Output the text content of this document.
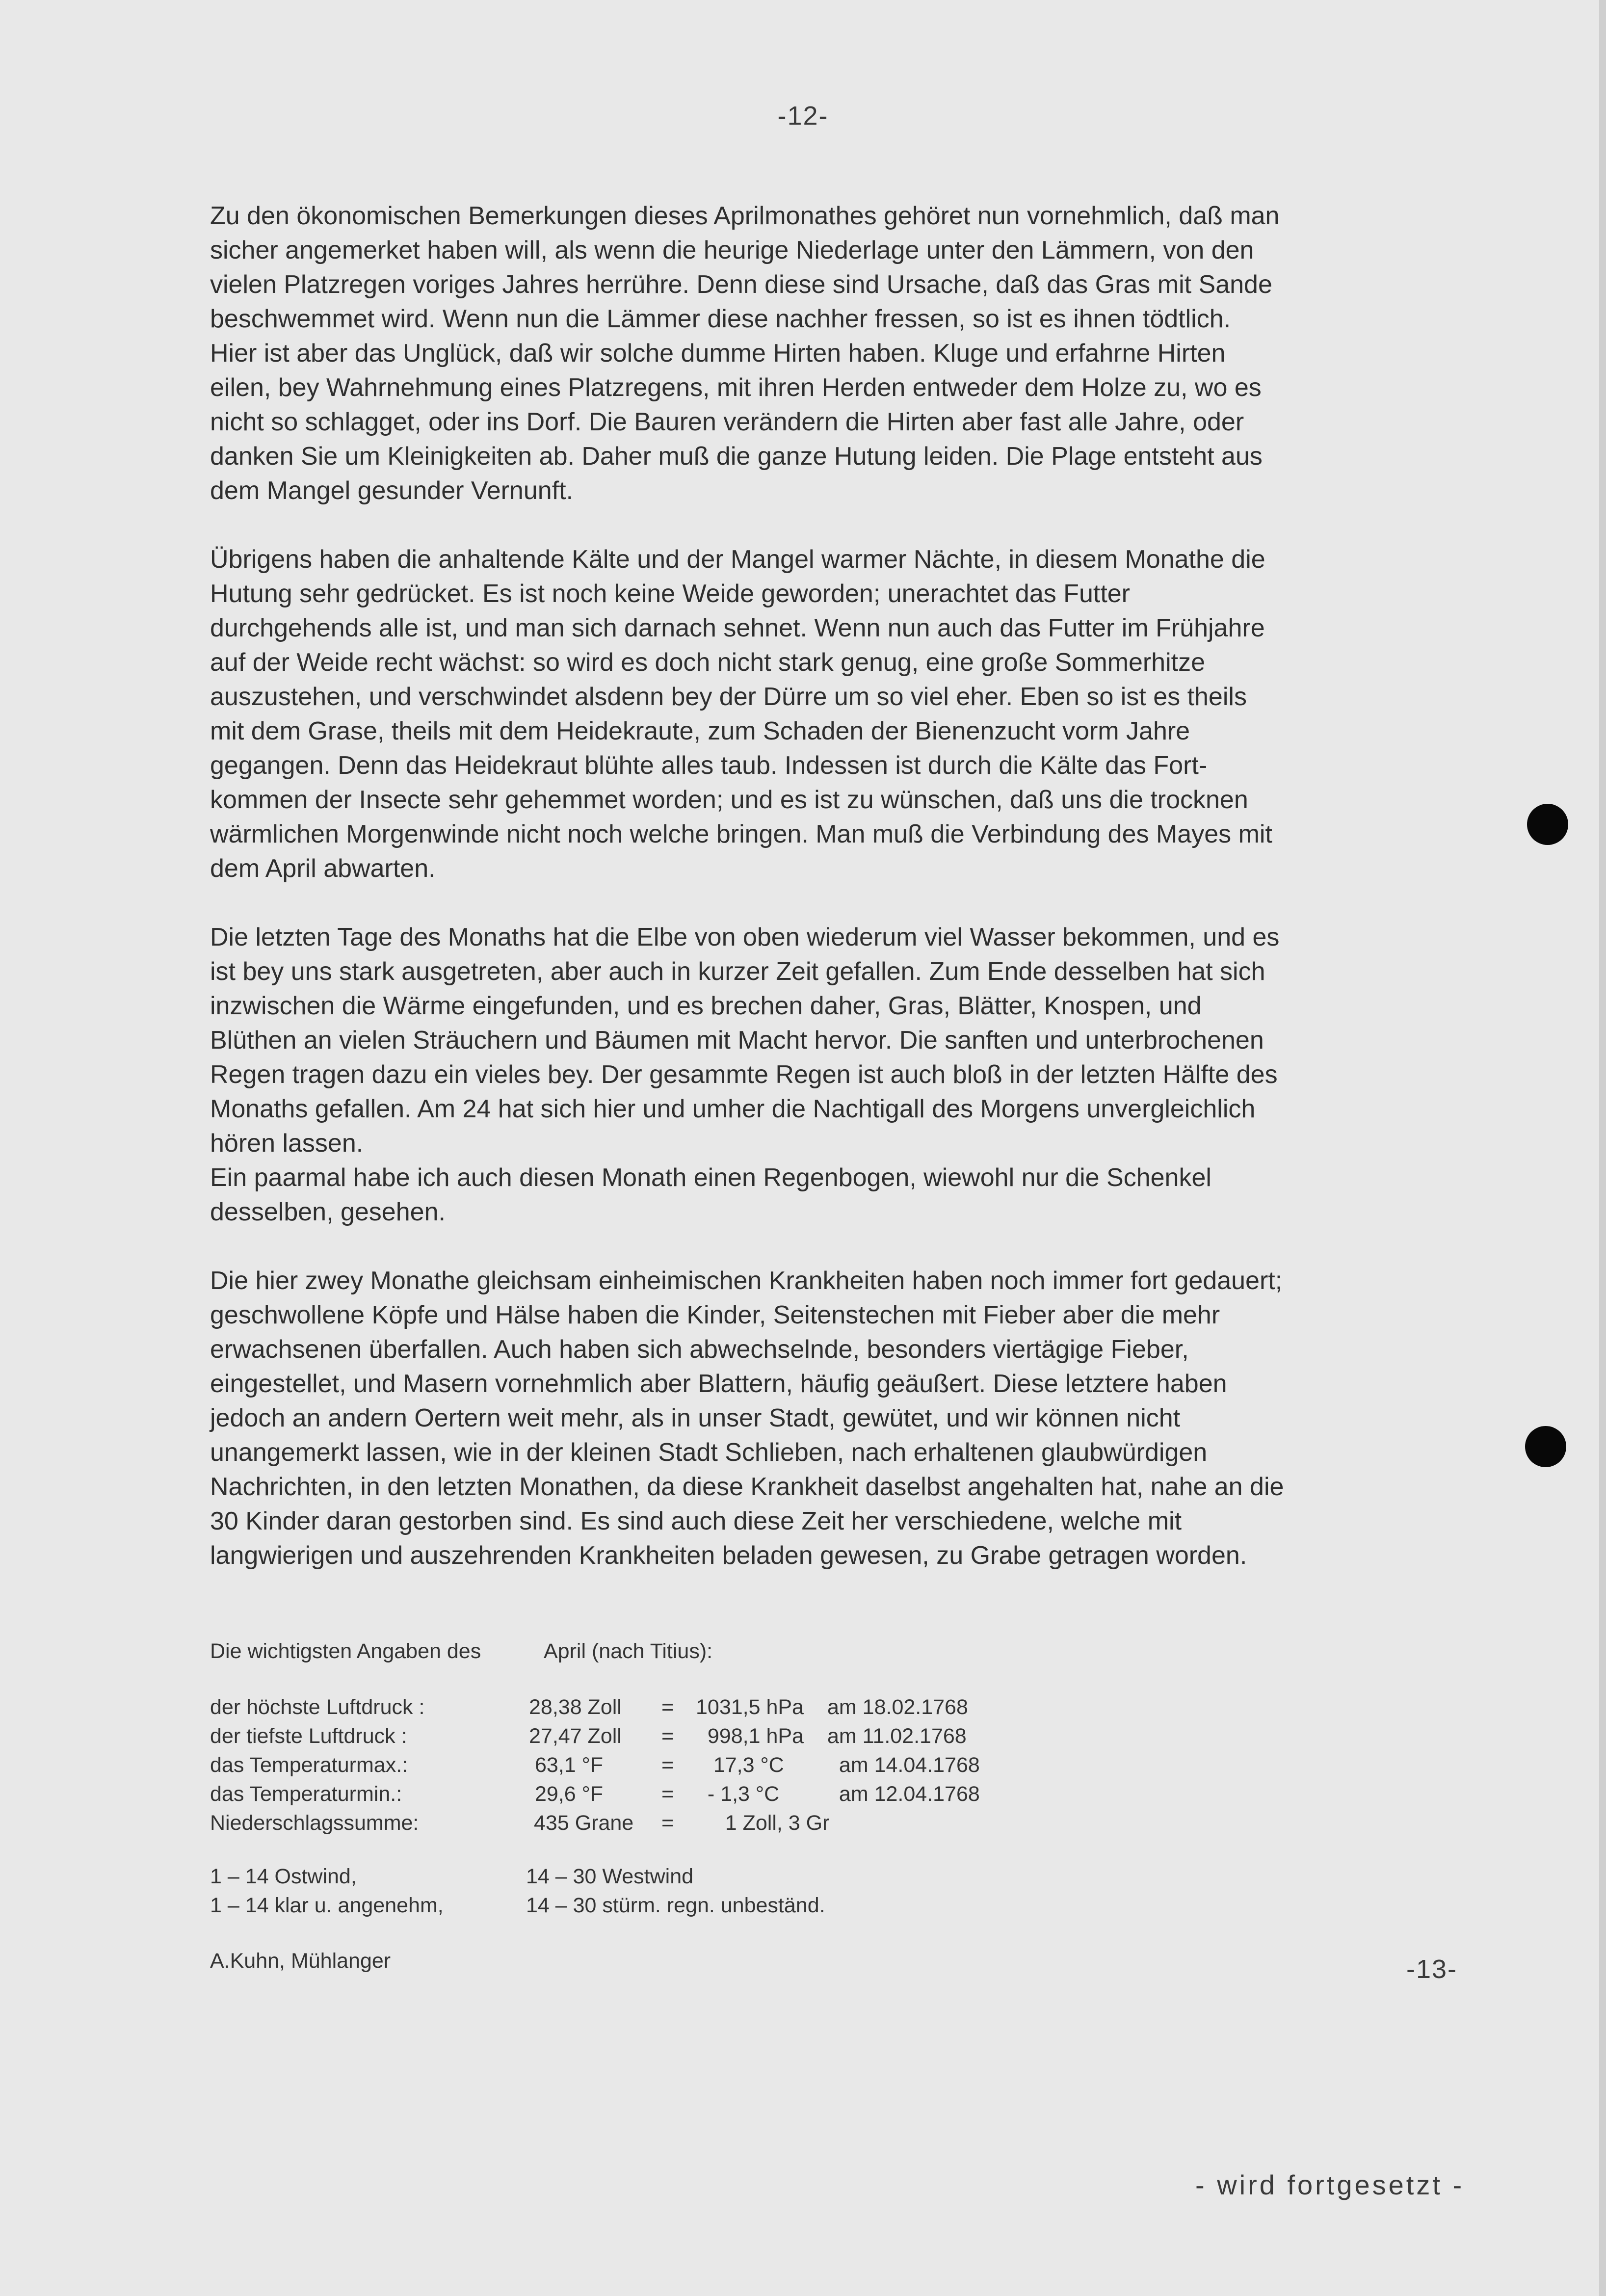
-12-

Zu den ökonomischen Bemerkungen dieses Aprilmonathes gehöret nun vornehmlich, daß man
sicher angemerket haben will, als wenn die heurige Niederlage unter den Lämmern, von den
vielen Platzregen voriges Jahres herrühre. Denn diese sind Ursache, daß das Gras mit Sande
beschwemmet wird. Wenn nun die Lämmer diese nachher fressen, so ist es ihnen tödtlich.
Hier ist aber das Unglück, daß wir solche dumme Hirten haben. Kluge und erfahrne Hirten
eilen, bey Wahrnehmung eines Platzregens, mit ihren Herden entweder dem Holze zu, wo es
nicht so schlagget, oder ins Dorf. Die Bauren verändern die Hirten aber fast alle Jahre, oder
danken Sie um Kleinigkeiten ab. Daher muß die ganze Hutung leiden. Die Plage entsteht aus
dem Mangel gesunder Vernunft.

Übrigens haben die anhaltende Kälte und der Mangel warmer Nächte, in diesem Monathe die
Hutung sehr gedrücket. Es ist noch keine Weide geworden; unerachtet das Futter
durchgehends alle ist, und man sich darnach sehnet. Wenn nun auch das Futter im Frühjahre
auf der Weide recht wächst: so wird es doch nicht stark genug, eine große Sommerhitze
auszustehen, und verschwindet alsdenn bey der Dürre um so viel eher. Eben so ist es theils
mit dem Grase, theils mit dem Heidekraute, zum Schaden der Bienenzucht vorm Jahre
gegangen. Denn das Heidekraut blühte alles taub. Indessen ist durch die Kälte das Fort-
kommen der Insecte sehr gehemmet worden; und es ist zu wünschen, daß uns die trocknen
wärmlichen Morgenwinde nicht noch welche bringen. Man muß die Verbindung des Mayes mit
dem April abwarten.

Die letzten Tage des Monaths hat die Elbe von oben wiederum viel Wasser bekommen, und es
ist bey uns stark ausgetreten, aber auch in kurzer Zeit gefallen. Zum Ende desselben hat sich
inzwischen die Wärme eingefunden, und es brechen daher, Gras, Blätter, Knospen, und
Blüthen an vielen Sträuchern und Bäumen mit Macht hervor. Die sanften und unterbrochenen
Regen tragen dazu ein vieles bey. Der gesammte Regen ist auch bloß in der letzten Hälfte des
Monaths gefallen. Am 24 hat sich hier und umher die Nachtigall des Morgens unvergleichlich
hören lassen.
Ein paarmal habe ich auch diesen Monath einen Regenbogen, wiewohl nur die Schenkel
desselben, gesehen.

Die hier zwey Monathe gleichsam einheimischen Krankheiten haben noch immer fort gedauert;
geschwollene Köpfe und Hälse haben die Kinder, Seitenstechen mit Fieber aber die mehr
erwachsenen überfallen. Auch haben sich abwechselnde, besonders viertägige Fieber,
eingestellet, und Masern vornehmlich aber Blattern, häufig geäußert. Diese letztere haben
jedoch an andern Oertern weit mehr, als in unser Stadt, gewütet, und wir können nicht
unangemerkt lassen, wie in der kleinen Stadt Schlieben, nach erhaltenen glaubwürdigen
Nachrichten, in den letzten Monathen, da diese Krankheit daselbst angehalten hat, nahe an die
30 Kinder daran gestorben sind. Es sind auch diese Zeit her verschiedene, welche mit
langwierigen und auszehrenden Krankheiten beladen gewesen, zu Grabe getragen worden.

Die wichtigsten Angaben des	April (nach Titius):
der höchste Luftdruck :	28,38 Zoll = 1031,5 hPa am 18.02.1768
der tiefste Luftdruck :	27,47 Zoll = 998,1 hPa am 11.02.1768
das Temperaturmax.:	63,1 °F	= 17,3 °C am 14.04.1768
das Temperaturmin.:	29,6 °F	= - 1,3 °C am 12.04.1768
Niederschlagssumme:	435 Grane = 1 Zoll, 3 Gr
1 – 14 Ostwind,	14 – 30 Westwind
1 – 14 klar u. angenehm,	14 – 30 stürm. regn. unbeständ.
A.Kuhn, Mühlanger	-13-
- wird fortgesetzt -
